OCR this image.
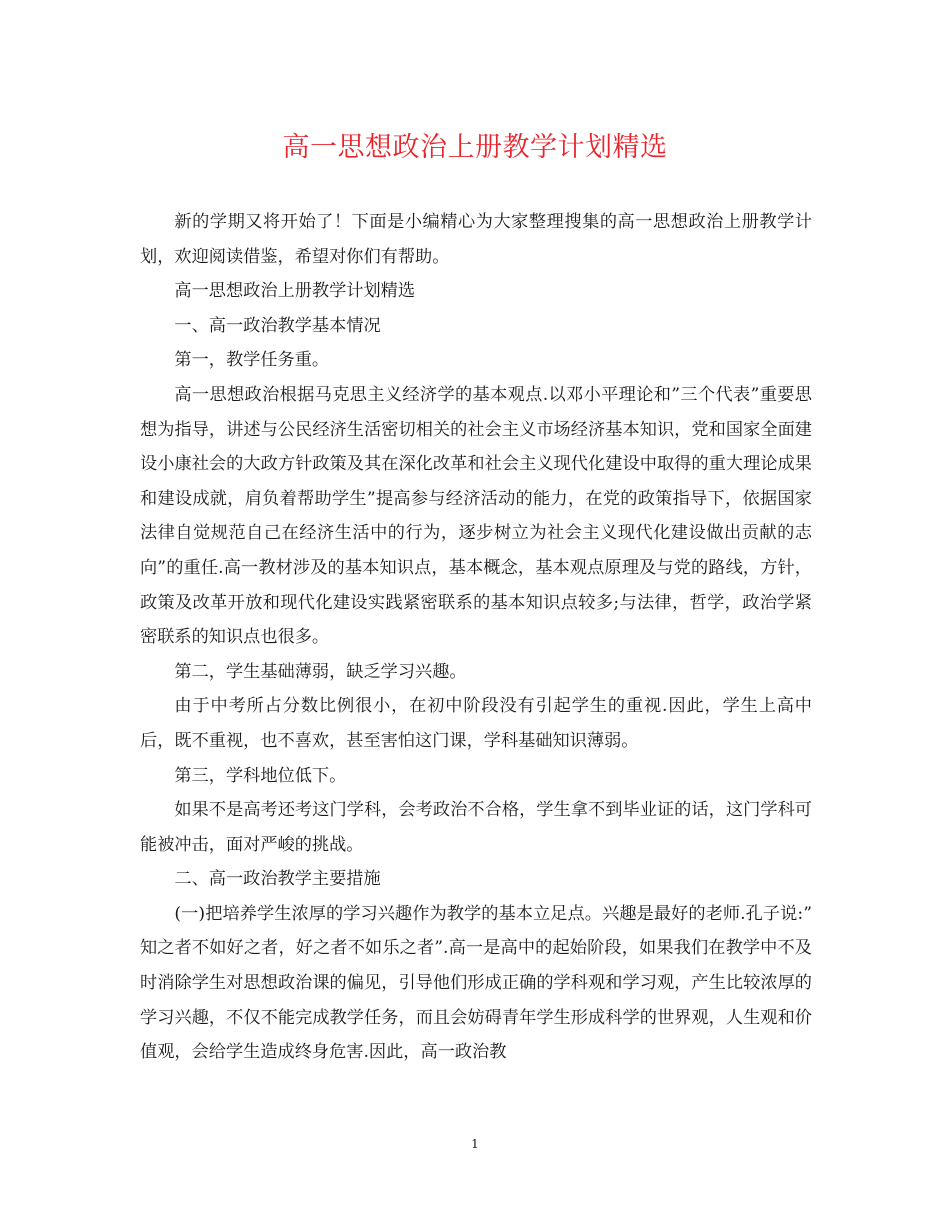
高一思想政治上册教学计划精选

新的学期又将开始了！下面是小编精心为大家整理搜集的高一思想政治上册教学计划，欢迎阅读借鉴，希望对你们有帮助。

高一思想政治上册教学计划精选

一、高一政治教学基本情况

第一，教学任务重。

高一思想政治根据马克思主义经济学的基本观点.以邓小平理论和”三个代表”重要思想为指导，讲述与公民经济生活密切相关的社会主义市场经济基本知识，党和国家全面建设小康社会的大政方针政策及其在深化改革和社会主义现代化建设中取得的重大理论成果和建设成就，肩负着帮助学生”提高参与经济活动的能力，在党的政策指导下，依据国家法律自觉规范自己在经济生活中的行为，逐步树立为社会主义现代化建设做出贡献的志向”的重任.高一教材涉及的基本知识点，基本概念，基本观点原理及与党的路线，方针，政策及改革开放和现代化建设实践紧密联系的基本知识点较多;与法律，哲学，政治学紧密联系的知识点也很多。

第二，学生基础薄弱，缺乏学习兴趣。

由于中考所占分数比例很小，在初中阶段没有引起学生的重视.因此，学生上高中后，既不重视，也不喜欢，甚至害怕这门课，学科基础知识薄弱。

第三，学科地位低下。

如果不是高考还考这门学科，会考政治不合格，学生拿不到毕业证的话，这门学科可能被冲击，面对严峻的挑战。

二、高一政治教学主要措施

(一)把培养学生浓厚的学习兴趣作为教学的基本立足点。兴趣是最好的老师.孔子说:” 知之者不如好之者，好之者不如乐之者”.高一是高中的起始阶段，如果我们在教学中不及时消除学生对思想政治课的偏见，引导他们形成正确的学科观和学习观，产生比较浓厚的学习兴趣，不仅不能完成教学任务，而且会妨碍青年学生形成科学的世界观，人生观和价值观，会给学生造成终身危害.因此，高一政治教

1
